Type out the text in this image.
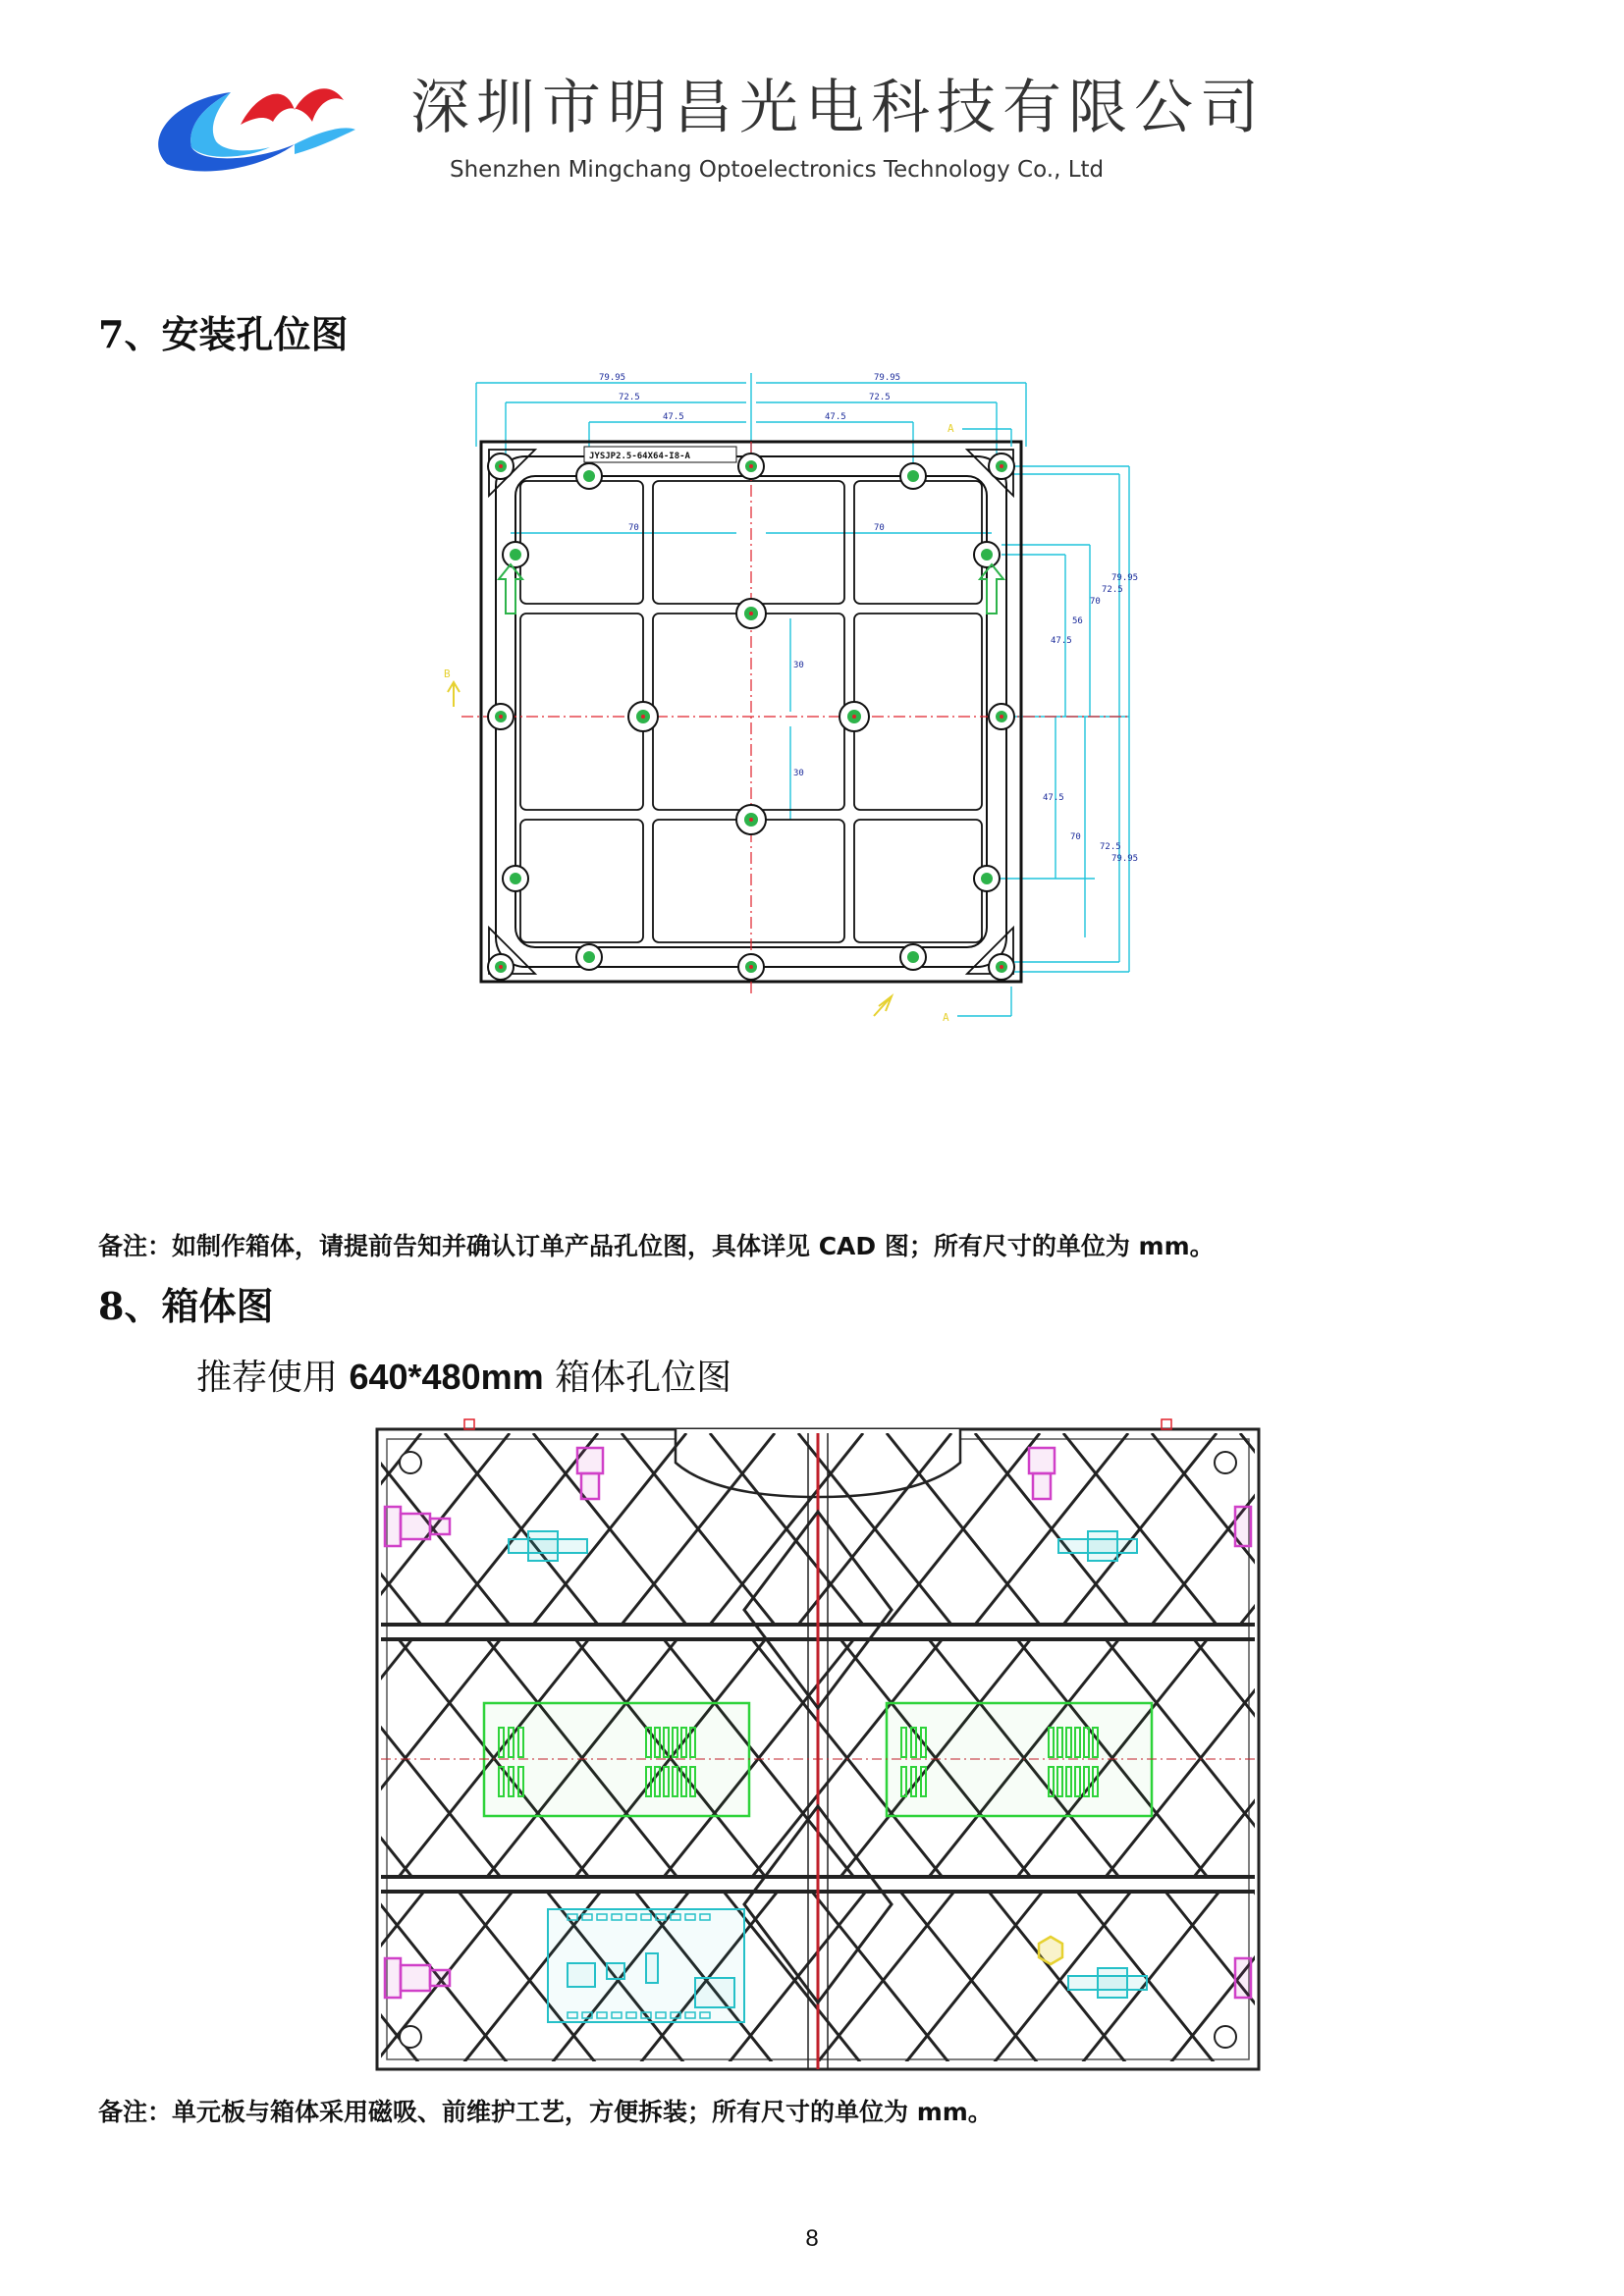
深圳市明昌光电科技有限公司
Shenzhen Mingchang Optoelectronics Technology Co., Ltd
7、安装孔位图
79.95	79.95
72.5	72.5
47.5	47.5
70	70
30
30
47.5
56
70
72.5
79.95
47.5
70
72.5
79.95
JYSJP2.5-64X64-I8-A
B
A
A
备注：如制作箱体，请提前告知并确认订单产品孔位图，具体详见 CAD 图；所有尺寸的单位为 mm。
8、箱体图
推荐使用 640*480mm 箱体孔位图
备注：单元板与箱体采用磁吸、前维护工艺，方便拆装；所有尺寸的单位为 mm。
8
